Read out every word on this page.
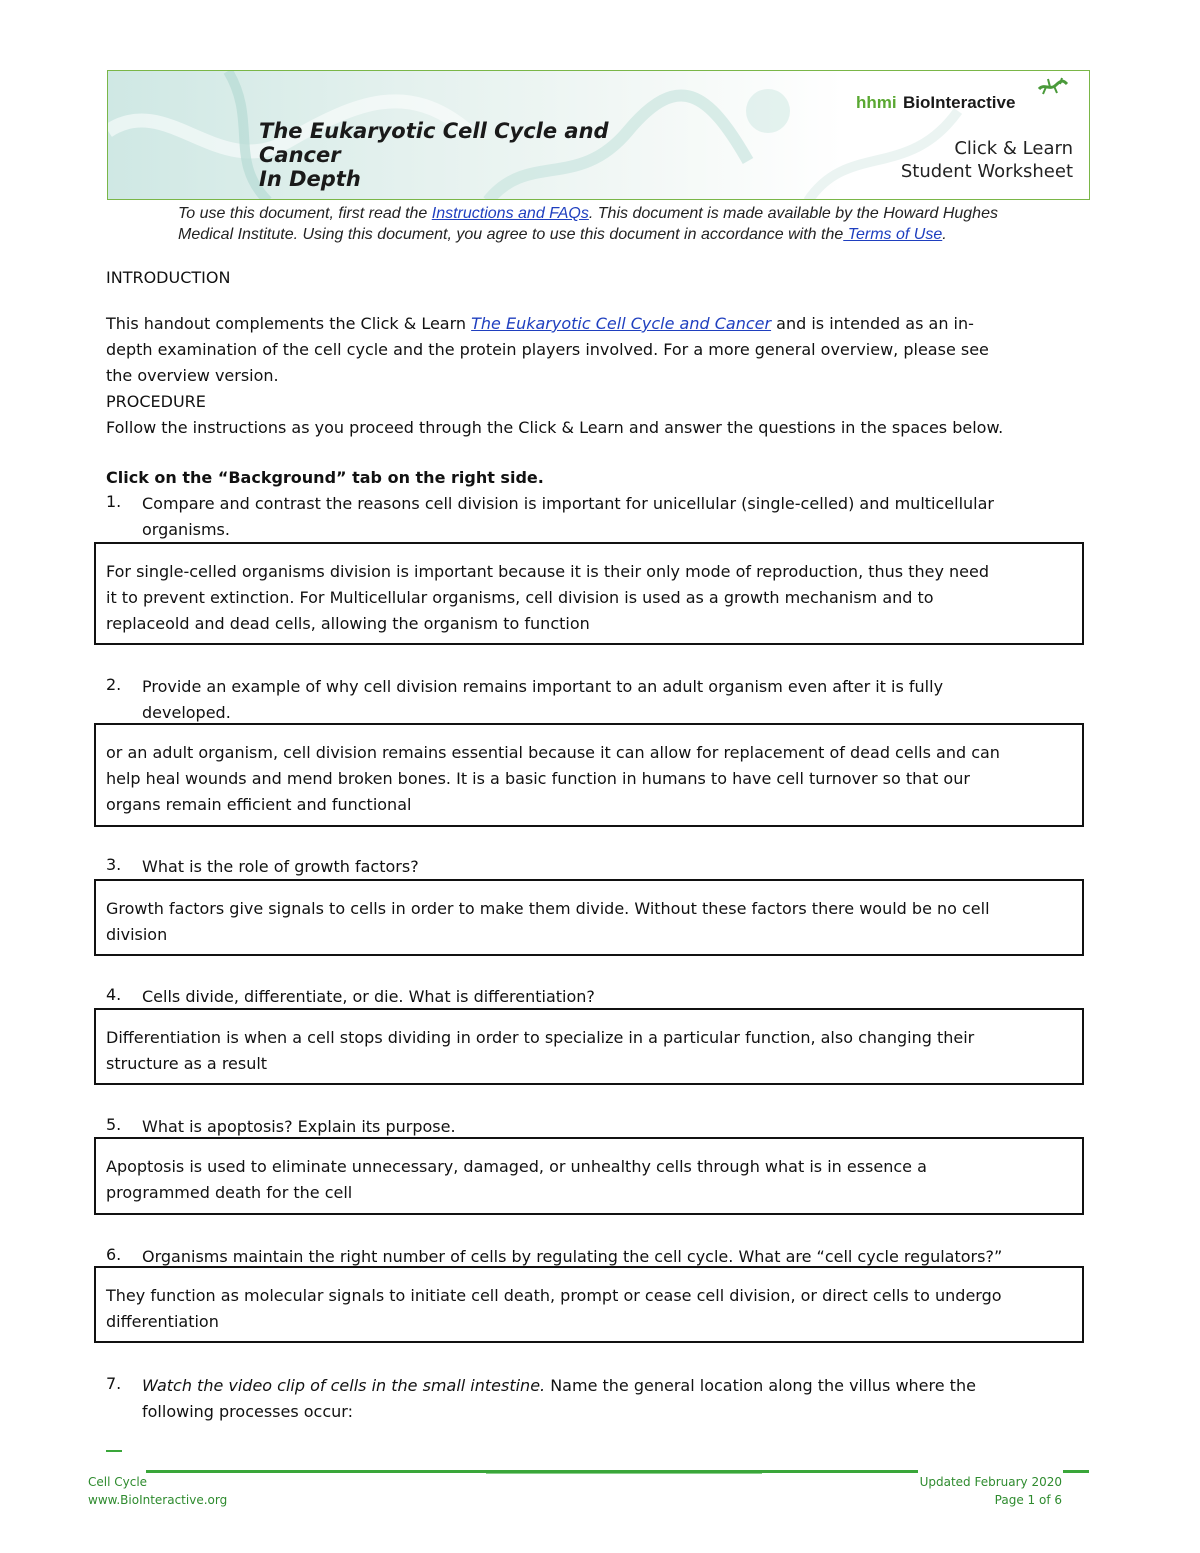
The Eukaryotic Cell Cycle and
Cancer
In Depth
hhmi BioInteractive
Click & Learn
Student Worksheet
To use this document, first read the Instructions and FAQs. This document is made available by the Howard Hughes
Medical Institute. Using this document, you agree to use this document in accordance with the Terms of Use.
INTRODUCTION
This handout complements the Click & Learn The Eukaryotic Cell Cycle and Cancer and is intended as an in-
depth examination of the cell cycle and the protein players involved. For a more general overview, please see
the overview version.
PROCEDURE
Follow the instructions as you proceed through the Click & Learn and answer the questions in the spaces below.
Click on the “Background” tab on the right side.
1. Compare and contrast the reasons cell division is important for unicellular (single-celled) and multicellular
organisms.
For single-celled organisms division is important because it is their only mode of reproduction, thus they need
it to prevent extinction. For Multicellular organisms, cell division is used as a growth mechanism and to
replaceold and dead cells, allowing the organism to function
2. Provide an example of why cell division remains important to an adult organism even after it is fully
developed.
or an adult organism, cell division remains essential because it can allow for replacement of dead cells and can
help heal wounds and mend broken bones. It is a basic function in humans to have cell turnover so that our
organs remain efficient and functional
3. What is the role of growth factors?
Growth factors give signals to cells in order to make them divide. Without these factors there would be no cell
division
4. Cells divide, differentiate, or die. What is differentiation?
Differentiation is when a cell stops dividing in order to specialize in a particular function, also changing their
structure as a result
5. What is apoptosis? Explain its purpose.
Apoptosis is used to eliminate unnecessary, damaged, or unhealthy cells through what is in essence a
programmed death for the cell
6. Organisms maintain the right number of cells by regulating the cell cycle. What are “cell cycle regulators?”
They function as molecular signals to initiate cell death, prompt or cease cell division, or direct cells to undergo
differentiation
7. Watch the video clip of cells in the small intestine. Name the general location along the villus where the
following processes occur:
Cell Cycle
www.BioInteractive.org
Updated February 2020
Page 1 of 6
